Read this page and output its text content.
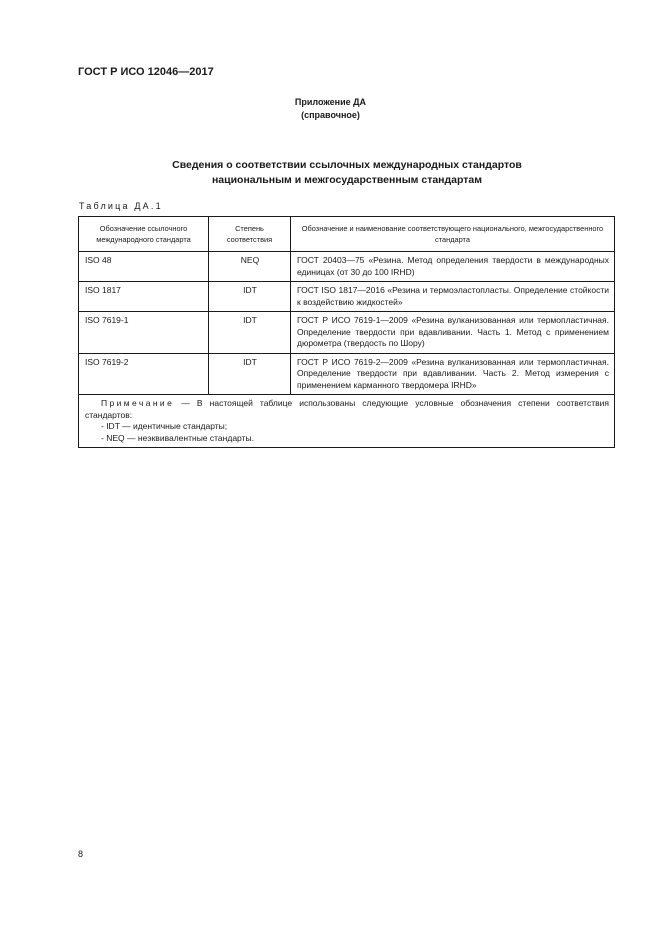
ГОСТ Р ИСО 12046—2017
Приложение ДА
(справочное)
Сведения о соответствии ссылочных международных стандартов
национальным и межгосударственным стандартам
Таблица ДА.1
Обозначение ссылочного международного стандарта	Степень соответствия	Обозначение и наименование соответствующего национального, межгосударственного стандарта
ISO 48	NEQ	ГОСТ 20403—75 «Резина. Метод определения твердости в международных единицах (от 30 до 100 IRHD)
ISO 1817	IDT	ГОСТ ISO 1817—2016 «Резина и термоэластопласты. Определение стойкости к воздействию жидкостей»
ISO 7619-1	IDT	ГОСТ Р ИСО 7619-1—2009 «Резина вулканизованная или термопластичная. Определение твердости при вдавливании. Часть 1. Метод с применением дюрометра (твердость по Шору)
ISO 7619-2	IDT	ГОСТ Р ИСО 7619-2—2009 «Резина вулканизованная или термопластичная. Определение твердости при вдавливании. Часть 2. Метод измерения с применением карманного твердомера IRHD»

Примечание — В настоящей таблице использованы следующие условные обозначения степени соответствия стандартов:
- IDT — идентичные стандарты;
- NEQ — неэквивалентные стандарты.		
8
